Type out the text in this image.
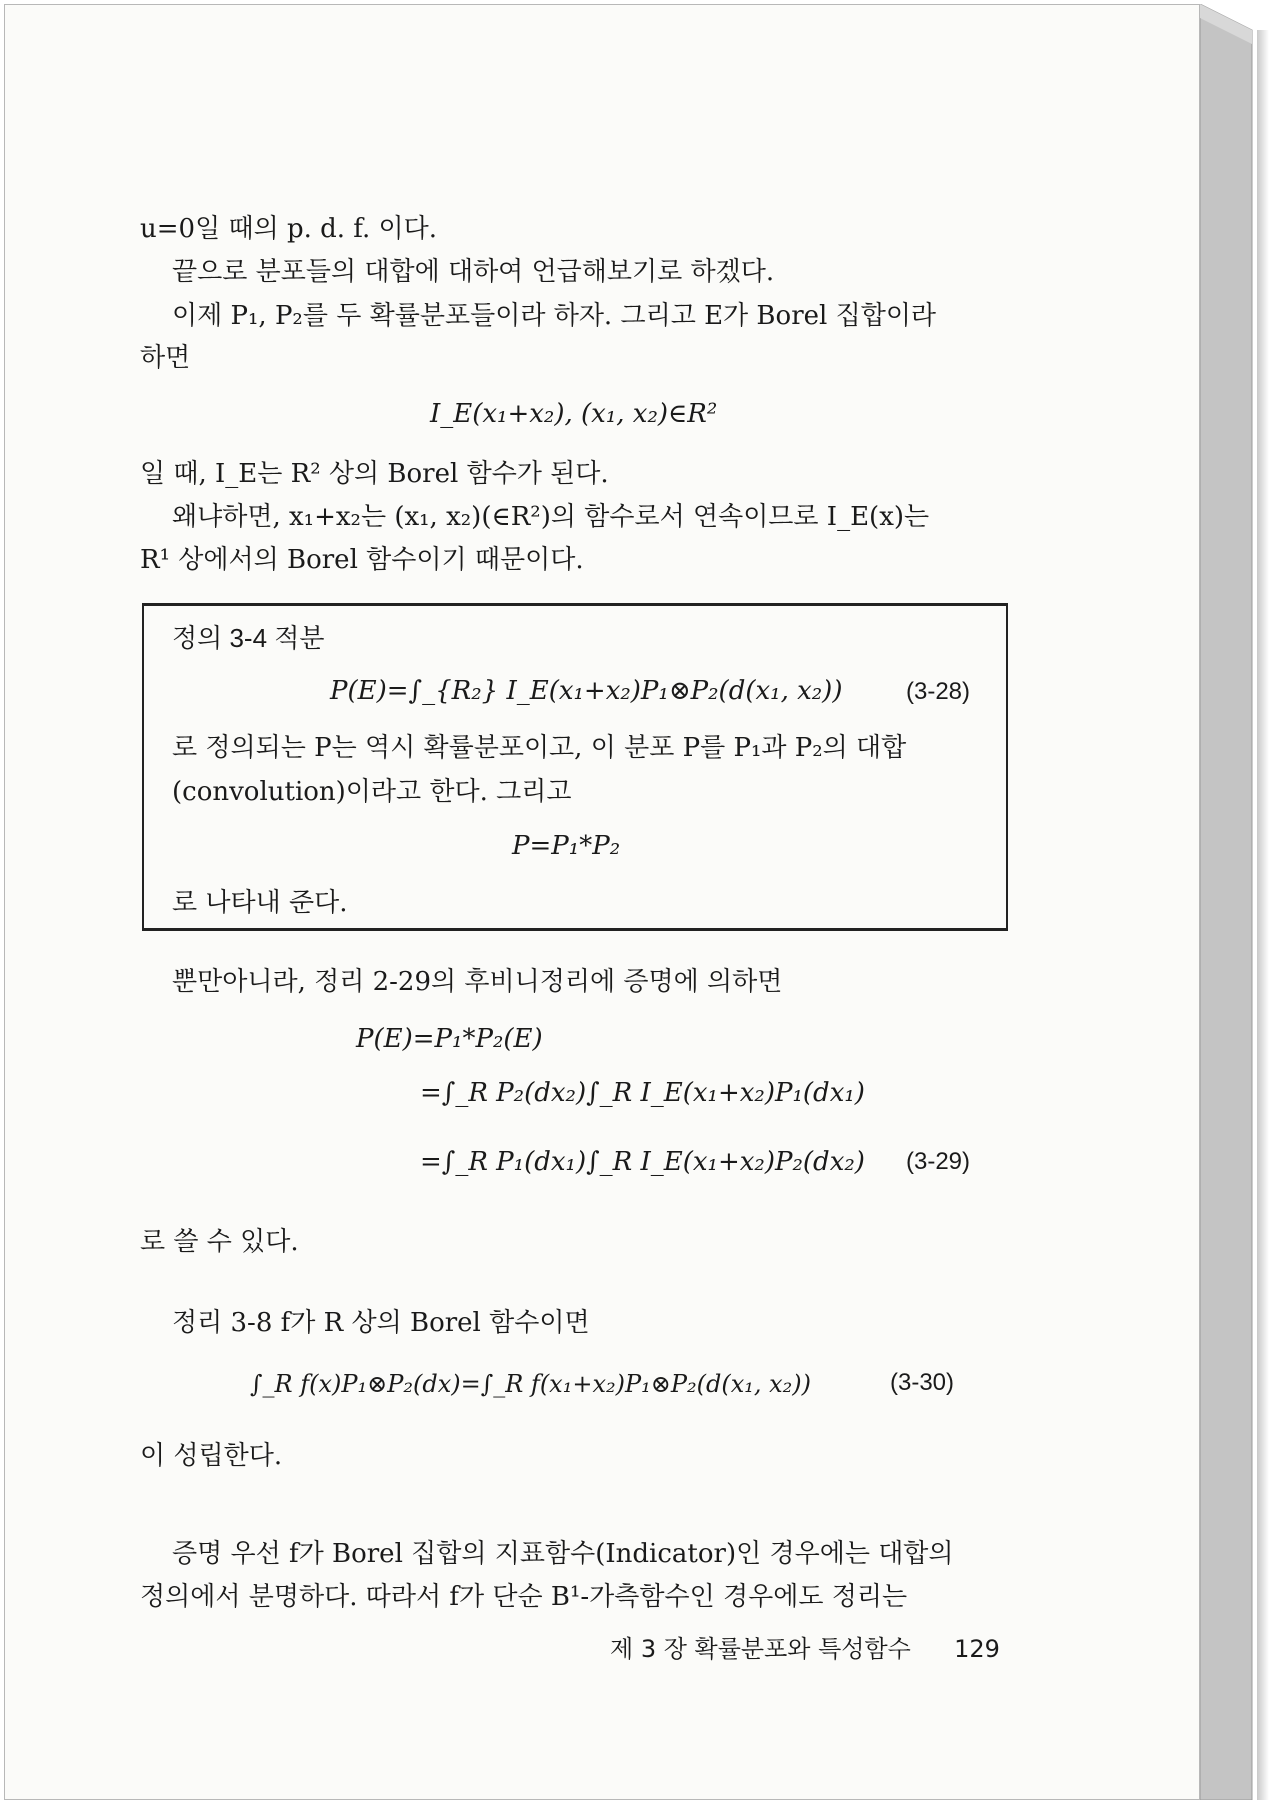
u=0일 때의 p. d. f. 이다.
끝으로 분포들의 대합에 대하여 언급해보기로 하겠다.
이제 P₁, P₂를 두 확률분포들이라 하자. 그리고 E가 Borel 집합이라
하면
I_E(x₁+x₂), (x₁, x₂)∈R²
일 때, I_E는 R² 상의 Borel 함수가 된다.
왜냐하면, x₁+x₂는 (x₁, x₂)(∈R²)의 함수로서 연속이므로 I_E(x)는
R¹ 상에서의 Borel 함수이기 때문이다.
정의 3-4 적분
P(E)=∫_{R₂} I_E(x₁+x₂)P₁⊗P₂(d(x₁, x₂))	(3-28)
로 정의되는 P는 역시 확률분포이고, 이 분포 P를 P₁과 P₂의 대합
(convolution)이라고 한다. 그리고
P=P₁*P₂
로 나타내 준다.
뿐만아니라, 정리 2-29의 후비니정리에 증명에 의하면
P(E)=P₁*P₂(E)
=∫_R P₂(dx₂)∫_R I_E(x₁+x₂)P₁(dx₁)
=∫_R P₁(dx₁)∫_R I_E(x₁+x₂)P₂(dx₂) (3-29)
로 쓸 수 있다.
정리 3-8 f가 R 상의 Borel 함수이면
∫_R f(x)P₁⊗P₂(dx)=∫_R f(x₁+x₂)P₁⊗P₂(d(x₁, x₂))	(3-30)
이 성립한다.
증명 우선 f가 Borel 집합의 지표함수(Indicator)인 경우에는 대합의
정의에서 분명하다. 따라서 f가 단순 B¹-가측함수인 경우에도 정리는
제 3 장 확률분포와 특성함수 129
